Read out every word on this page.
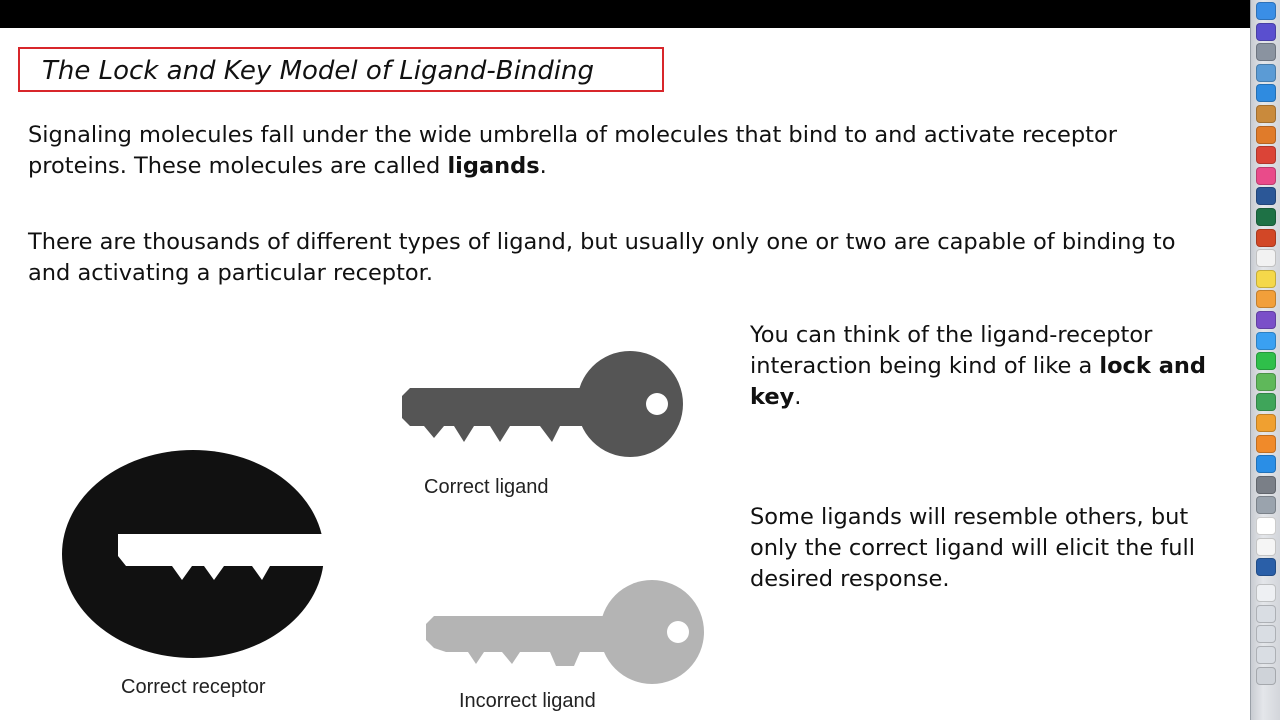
The Lock and Key Model of Ligand-Binding
Signaling molecules fall under the wide umbrella of molecules that bind to and activate receptor proteins. These molecules are called ligands.
There are thousands of different types of ligand, but usually only one or two are capable of binding to and activating a particular receptor.
You can think of the ligand-receptor interaction being kind of like a lock and key.
Some ligands will resemble others, but only the correct ligand will elicit the full desired response.
Correct ligand
Correct receptor
Incorrect ligand
